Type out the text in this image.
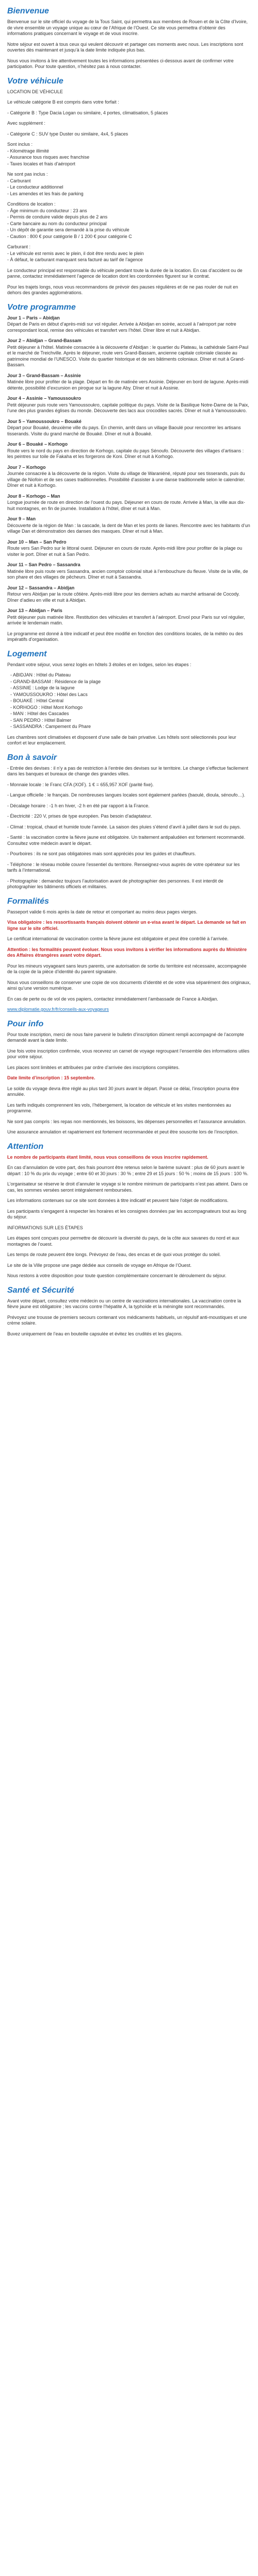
Bienvenue

Bienvenue sur le site officiel du voyage de la Tous Saint, qui permettra aux membres de Rouen et de la Côte d’Ivoire, de vivre ensemble un voyage unique au cœur de l’Afrique de l’Ouest. Ce site vous permettra d’obtenir des informations pratiques concernant le voyage et de vous inscrire.

Notre séjour est ouvert à tous ceux qui veulent découvrir et partager ces moments avec nous. Les inscriptions sont ouvertes dès maintenant et jusqu’à la date limite indiquée plus bas.

Nous vous invitons à lire attentivement toutes les informations présentées ci-dessous avant de confirmer votre participation. Pour toute question, n’hésitez pas à nous contacter.

Votre véhicule

LOCATION DE VÉHICULE

Le véhicule catégorie B est compris dans votre forfait :

- Catégorie B : Type Dacia Logan ou similaire, 4 portes, climatisation, 5 places

Avec supplément :

- Catégorie C : SUV type Duster ou similaire, 4x4, 5 places

Sont inclus :

- Kilométrage illimité

- Assurance tous risques avec franchise

- Taxes locales et frais d’aéroport

Ne sont pas inclus :

- Carburant

- Le conducteur additionnel

- Les amendes et les frais de parking

Conditions de location :

- Âge minimum du conducteur : 23 ans

- Permis de conduire valide depuis plus de 2 ans

- Carte bancaire au nom du conducteur principal

- Un dépôt de garantie sera demandé à la prise du véhicule

- Caution : 800 € pour catégorie B / 1 200 € pour catégorie C

Carburant :

- Le véhicule est remis avec le plein, il doit être rendu avec le plein

- À défaut, le carburant manquant sera facturé au tarif de l’agence

Le conducteur principal est responsable du véhicule pendant toute la durée de la location. En cas d’accident ou de panne, contactez immédiatement l’agence de location dont les coordonnées figurent sur le contrat.

Pour les trajets longs, nous vous recommandons de prévoir des pauses régulières et de ne pas rouler de nuit en dehors des grandes agglomérations.

Votre programme

Jour 1 – Paris – Abidjan

Départ de Paris en début d’après-midi sur vol régulier. Arrivée à Abidjan en soirée, accueil à l’aéroport par notre correspondant local, remise des véhicules et transfert vers l’hôtel. Dîner libre et nuit à Abidjan.

Jour 2 – Abidjan – Grand-Bassam

Petit déjeuner à l’hôtel. Matinée consacrée à la découverte d’Abidjan : le quartier du Plateau, la cathédrale Saint-Paul et le marché de Treichville. Après le déjeuner, route vers Grand-Bassam, ancienne capitale coloniale classée au patrimoine mondial de l’UNESCO. Visite du quartier historique et de ses bâtiments coloniaux. Dîner et nuit à Grand-Bassam.

Jour 3 – Grand-Bassam – Assinie

Matinée libre pour profiter de la plage. Départ en fin de matinée vers Assinie. Déjeuner en bord de lagune. Après-midi détente, possibilité d’excursion en pirogue sur la lagune Aby. Dîner et nuit à Assinie.

Jour 4 – Assinie – Yamoussoukro

Petit déjeuner puis route vers Yamoussoukro, capitale politique du pays. Visite de la Basilique Notre-Dame de la Paix, l’une des plus grandes églises du monde. Découverte des lacs aux crocodiles sacrés. Dîner et nuit à Yamoussoukro.

Jour 5 – Yamoussoukro – Bouaké

Départ pour Bouaké, deuxième ville du pays. En chemin, arrêt dans un village Baoulé pour rencontrer les artisans tisserands. Visite du grand marché de Bouaké. Dîner et nuit à Bouaké.

Jour 6 – Bouaké – Korhogo

Route vers le nord du pays en direction de Korhogo, capitale du pays Sénoufo. Découverte des villages d’artisans : les peintres sur toile de Fakaha et les forgerons de Koni. Dîner et nuit à Korhogo.

Jour 7 – Korhogo

Journée consacrée à la découverte de la région. Visite du village de Waraniéné, réputé pour ses tisserands, puis du village de Niofoin et de ses cases traditionnelles. Possibilité d’assister à une danse traditionnelle selon le calendrier. Dîner et nuit à Korhogo.

Jour 8 – Korhogo – Man

Longue journée de route en direction de l’ouest du pays. Déjeuner en cours de route. Arrivée à Man, la ville aux dix-huit montagnes, en fin de journée. Installation à l’hôtel, dîner et nuit à Man.

Jour 9 – Man

Découverte de la région de Man : la cascade, la dent de Man et les ponts de lianes. Rencontre avec les habitants d’un village Dan et démonstration des danses des masques. Dîner et nuit à Man.

Jour 10 – Man – San Pedro

Route vers San Pedro sur le littoral ouest. Déjeuner en cours de route. Après-midi libre pour profiter de la plage ou visiter le port. Dîner et nuit à San Pedro.

Jour 11 – San Pedro – Sassandra

Matinée libre puis route vers Sassandra, ancien comptoir colonial situé à l’embouchure du fleuve. Visite de la ville, de son phare et des villages de pêcheurs. Dîner et nuit à Sassandra.

Jour 12 – Sassandra – Abidjan

Retour vers Abidjan par la route côtière. Après-midi libre pour les derniers achats au marché artisanal de Cocody. Dîner d’adieu en ville et nuit à Abidjan.

Jour 13 – Abidjan – Paris

Petit déjeuner puis matinée libre. Restitution des véhicules et transfert à l’aéroport. Envol pour Paris sur vol régulier, arrivée le lendemain matin.

Le programme est donné à titre indicatif et peut être modifié en fonction des conditions locales, de la météo ou des impératifs d’organisation.

Logement

Pendant votre séjour, vous serez logés en hôtels 3 étoiles et en lodges, selon les étapes :

- ABIDJAN : Hôtel du Plateau
- GRAND-BASSAM : Résidence de la plage
- ASSINIE : Lodge de la lagune
- YAMOUSSOUKRO : Hôtel des Lacs
- BOUAKÉ : Hôtel Central
- KORHOGO : Hôtel Mont Korhogo
- MAN : Hôtel des Cascades
- SAN PEDRO : Hôtel Balmer
- SASSANDRA : Campement du Phare

Les chambres sont climatisées et disposent d’une salle de bain privative. Les hôtels sont sélectionnés pour leur confort et leur emplacement.

Bon à savoir

- Entrée des devises : il n’y a pas de restriction à l’entrée des devises sur le territoire. Le change s’effectue facilement dans les banques et bureaux de change des grandes villes.

- Monnaie locale : le Franc CFA (XOF). 1 € = 655,957 XOF (parité fixe).

- Langue officielle : le français. De nombreuses langues locales sont également parlées (baoulé, dioula, sénoufo…).

- Décalage horaire : -1 h en hiver, -2 h en été par rapport à la France.

- Électricité : 220 V, prises de type européen. Pas besoin d’adaptateur.

- Climat : tropical, chaud et humide toute l’année. La saison des pluies s’étend d’avril à juillet dans le sud du pays.

- Santé : la vaccination contre la fièvre jaune est obligatoire. Un traitement antipaludéen est fortement recommandé. Consultez votre médecin avant le départ.

- Pourboires : ils ne sont pas obligatoires mais sont appréciés pour les guides et chauffeurs.

- Téléphone : le réseau mobile couvre l’essentiel du territoire. Renseignez-vous auprès de votre opérateur sur les tarifs à l’international.

- Photographie : demandez toujours l’autorisation avant de photographier des personnes. Il est interdit de photographier les bâtiments officiels et militaires.

Formalités

Passeport valide 6 mois après la date de retour et comportant au moins deux pages vierges.

Visa obligatoire : les ressortissants français doivent obtenir un e-visa avant le départ. La demande se fait en ligne sur le site officiel.

Le certificat international de vaccination contre la fièvre jaune est obligatoire et peut être contrôlé à l’arrivée.

Attention : les formalités peuvent évoluer. Nous vous invitons à vérifier les informations auprès du Ministère des Affaires étrangères avant votre départ.

Pour les mineurs voyageant sans leurs parents, une autorisation de sortie du territoire est nécessaire, accompagnée de la copie de la pièce d’identité du parent signataire.

Nous vous conseillons de conserver une copie de vos documents d’identité et de votre visa séparément des originaux, ainsi qu’une version numérique.

En cas de perte ou de vol de vos papiers, contactez immédiatement l’ambassade de France à Abidjan.

www.diplomatie.gouv.fr/fr/conseils-aux-voyageurs

Pour info

Pour toute inscription, merci de nous faire parvenir le bulletin d’inscription dûment rempli accompagné de l’acompte demandé avant la date limite.

Une fois votre inscription confirmée, vous recevrez un carnet de voyage regroupant l’ensemble des informations utiles pour votre séjour.

Les places sont limitées et attribuées par ordre d’arrivée des inscriptions complètes.

Date limite d’inscription : 15 septembre.

Le solde du voyage devra être réglé au plus tard 30 jours avant le départ. Passé ce délai, l’inscription pourra être annulée.

Les tarifs indiqués comprennent les vols, l’hébergement, la location de véhicule et les visites mentionnées au programme.

Ne sont pas compris : les repas non mentionnés, les boissons, les dépenses personnelles et l’assurance annulation.

Une assurance annulation et rapatriement est fortement recommandée et peut être souscrite lors de l’inscription.

Attention

Le nombre de participants étant limité, nous vous conseillons de vous inscrire rapidement.

En cas d’annulation de votre part, des frais pourront être retenus selon le barème suivant : plus de 60 jours avant le départ : 10 % du prix du voyage ; entre 60 et 30 jours : 30 % ; entre 29 et 15 jours : 50 % ; moins de 15 jours : 100 %.

L’organisateur se réserve le droit d’annuler le voyage si le nombre minimum de participants n’est pas atteint. Dans ce cas, les sommes versées seront intégralement remboursées.

Les informations contenues sur ce site sont données à titre indicatif et peuvent faire l’objet de modifications.

Les participants s’engagent à respecter les horaires et les consignes données par les accompagnateurs tout au long du séjour.

INFORMATIONS SUR LES ÉTAPES

Les étapes sont conçues pour permettre de découvrir la diversité du pays, de la côte aux savanes du nord et aux montagnes de l’ouest.

Les temps de route peuvent être longs. Prévoyez de l’eau, des encas et de quoi vous protéger du soleil.

Le site de la Ville propose une page dédiée aux conseils de voyage en Afrique de l’Ouest.

Nous restons à votre disposition pour toute question complémentaire concernant le déroulement du séjour.

Santé et Sécurité

Avant votre départ, consultez votre médecin ou un centre de vaccinations internationales. La vaccination contre la fièvre jaune est obligatoire ; les vaccins contre l’hépatite A, la typhoïde et la méningite sont recommandés.

Prévoyez une trousse de premiers secours contenant vos médicaments habituels, un répulsif anti-moustiques et une crème solaire.

Buvez uniquement de l’eau en bouteille capsulée et évitez les crudités et les glaçons.
